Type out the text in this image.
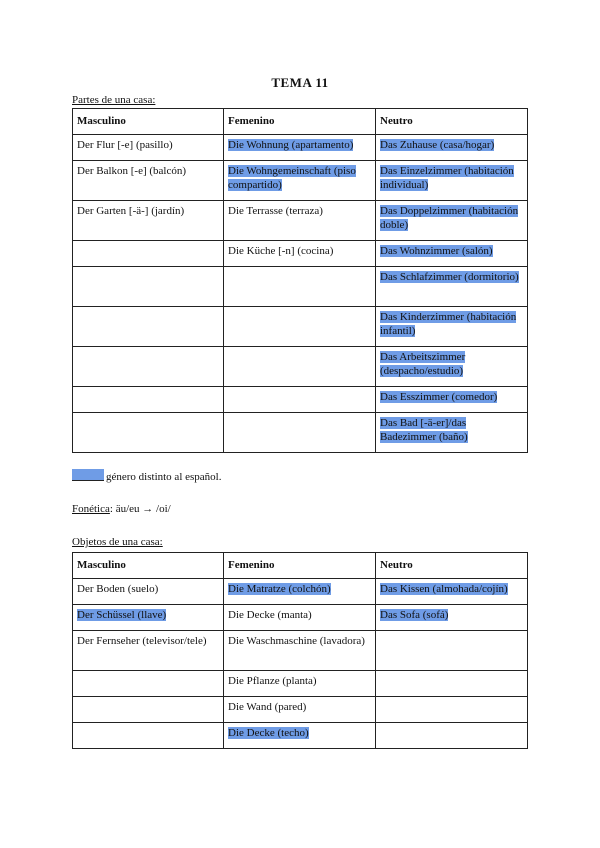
TEMA 11
Partes de una casa:
Masculino	Femenino	Neutro
Der Flur [-e] (pasillo)	Die Wohnung (apartamento)	Das Zuhause (casa/hogar)
Der Balkon [-e] (balcón)	Die Wohngemeinschaft (piso compartido)	Das Einzelzimmer (habitación individual)
Der Garten [-ä-] (jardín)	Die Terrasse (terraza)	Das Doppelzimmer (habitación doble)
	Die Küche [-n] (cocina)	Das Wohnzimmer (salón)
		Das Schlafzimmer (dormitorio)
		Das Kinderzimmer (habitación infantil)
		Das Arbeitszimmer (despacho/estudio)
		Das Esszimmer (comedor)
		Das Bad [-ä-er]/das Badezimmer (baño)
género distinto al español.
Fonética: äu/eu → /oi/
Objetos de una casa:
Masculino	Femenino	Neutro
Der Boden (suelo)	Die Matratze (colchón)	Das Kissen (almohada/cojín)
Der Schüssel (llave)	Die Decke (manta)	Das Sofa (sofá)
Der Fernseher (televisor/tele)	Die Waschmaschine (lavadora)	
	Die Pflanze (planta)	
	Die Wand (pared)	
	Die Decke (techo)	
